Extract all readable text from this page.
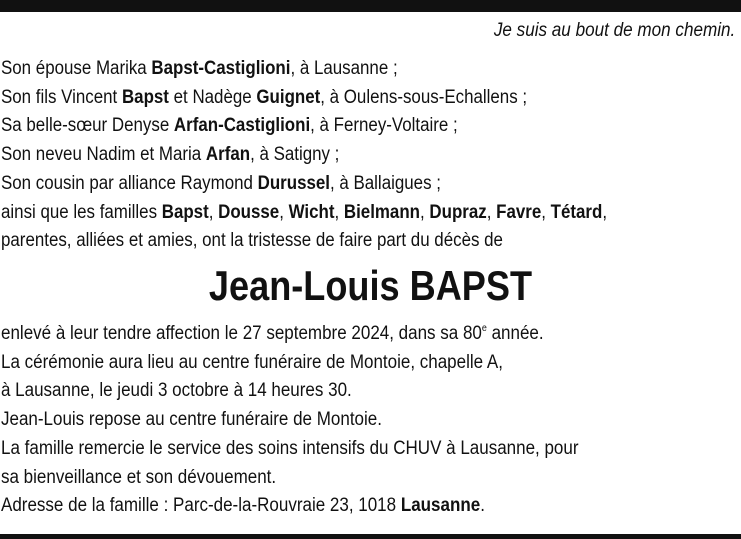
Je suis au bout de mon chemin.
Son épouse Marika Bapst-Castiglioni, à Lausanne ;
Son fils Vincent Bapst et Nadège Guignet, à Oulens-sous-Echallens ;
Sa belle-sœur Denyse Arfan-Castiglioni, à Ferney-Voltaire ;
Son neveu Nadim et Maria Arfan, à Satigny ;
Son cousin par alliance Raymond Durussel, à Ballaigues ;
ainsi que les familles Bapst, Dousse, Wicht, Bielmann, Dupraz, Favre, Tétard,
parentes, alliées et amies, ont la tristesse de faire part du décès de
Jean-Louis BAPST
enlevé à leur tendre affection le 27 septembre 2024, dans sa 80e année.
La cérémonie aura lieu au centre funéraire de Montoie, chapelle A,
à Lausanne, le jeudi 3 octobre à 14 heures 30.
Jean-Louis repose au centre funéraire de Montoie.
La famille remercie le service des soins intensifs du CHUV à Lausanne, pour
sa bienveillance et son dévouement.
Adresse de la famille : Parc-de-la-Rouvraie 23, 1018 Lausanne.
